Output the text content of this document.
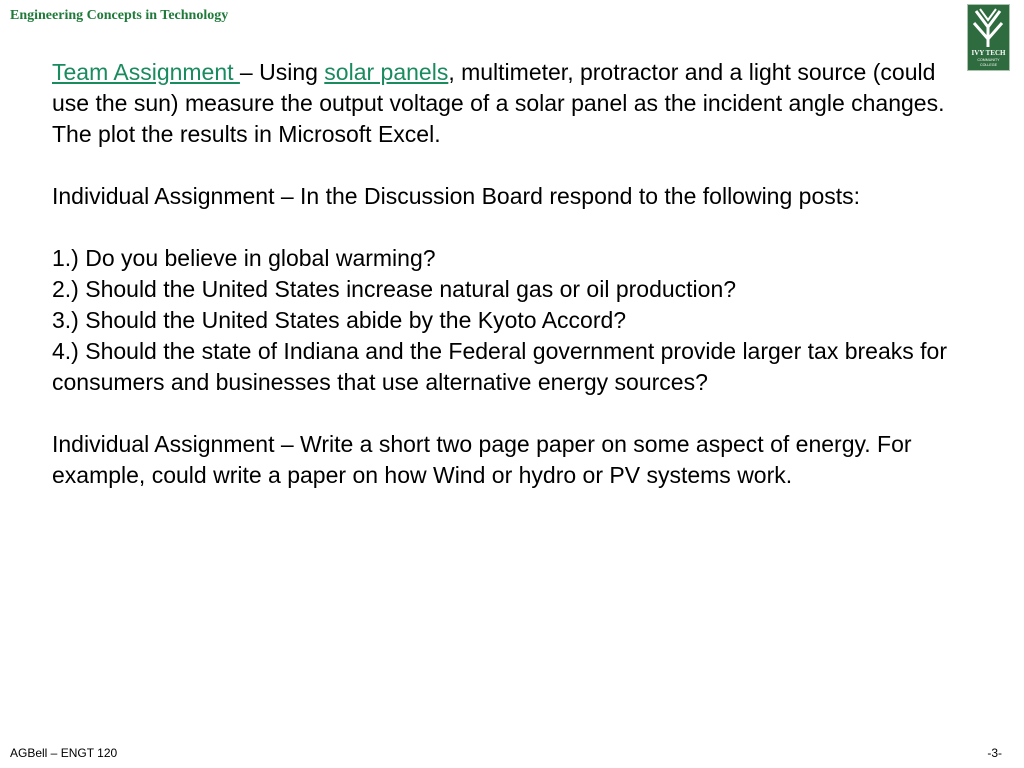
Engineering Concepts in Technology
IVY TECH
COMMUNITY
COLLEGE

Team Assignment – Using solar panels, multimeter, protractor and a light source (could use the sun) measure the output voltage of a solar panel as the incident angle changes. The plot the results in Microsoft Excel.

Individual Assignment – In the Discussion Board respond to the following posts:

1.) Do you believe in global warming?

2.) Should the United States increase natural gas or oil production?

3.) Should the United States abide by the Kyoto Accord?

4.) Should the state of Indiana and the Federal government provide larger tax breaks for consumers and businesses that use alternative energy sources?

Individual Assignment – Write a short two page paper on some aspect of energy. For example, could write a paper on how Wind or hydro or PV systems work.

AGBell – ENGT 120	-3-
